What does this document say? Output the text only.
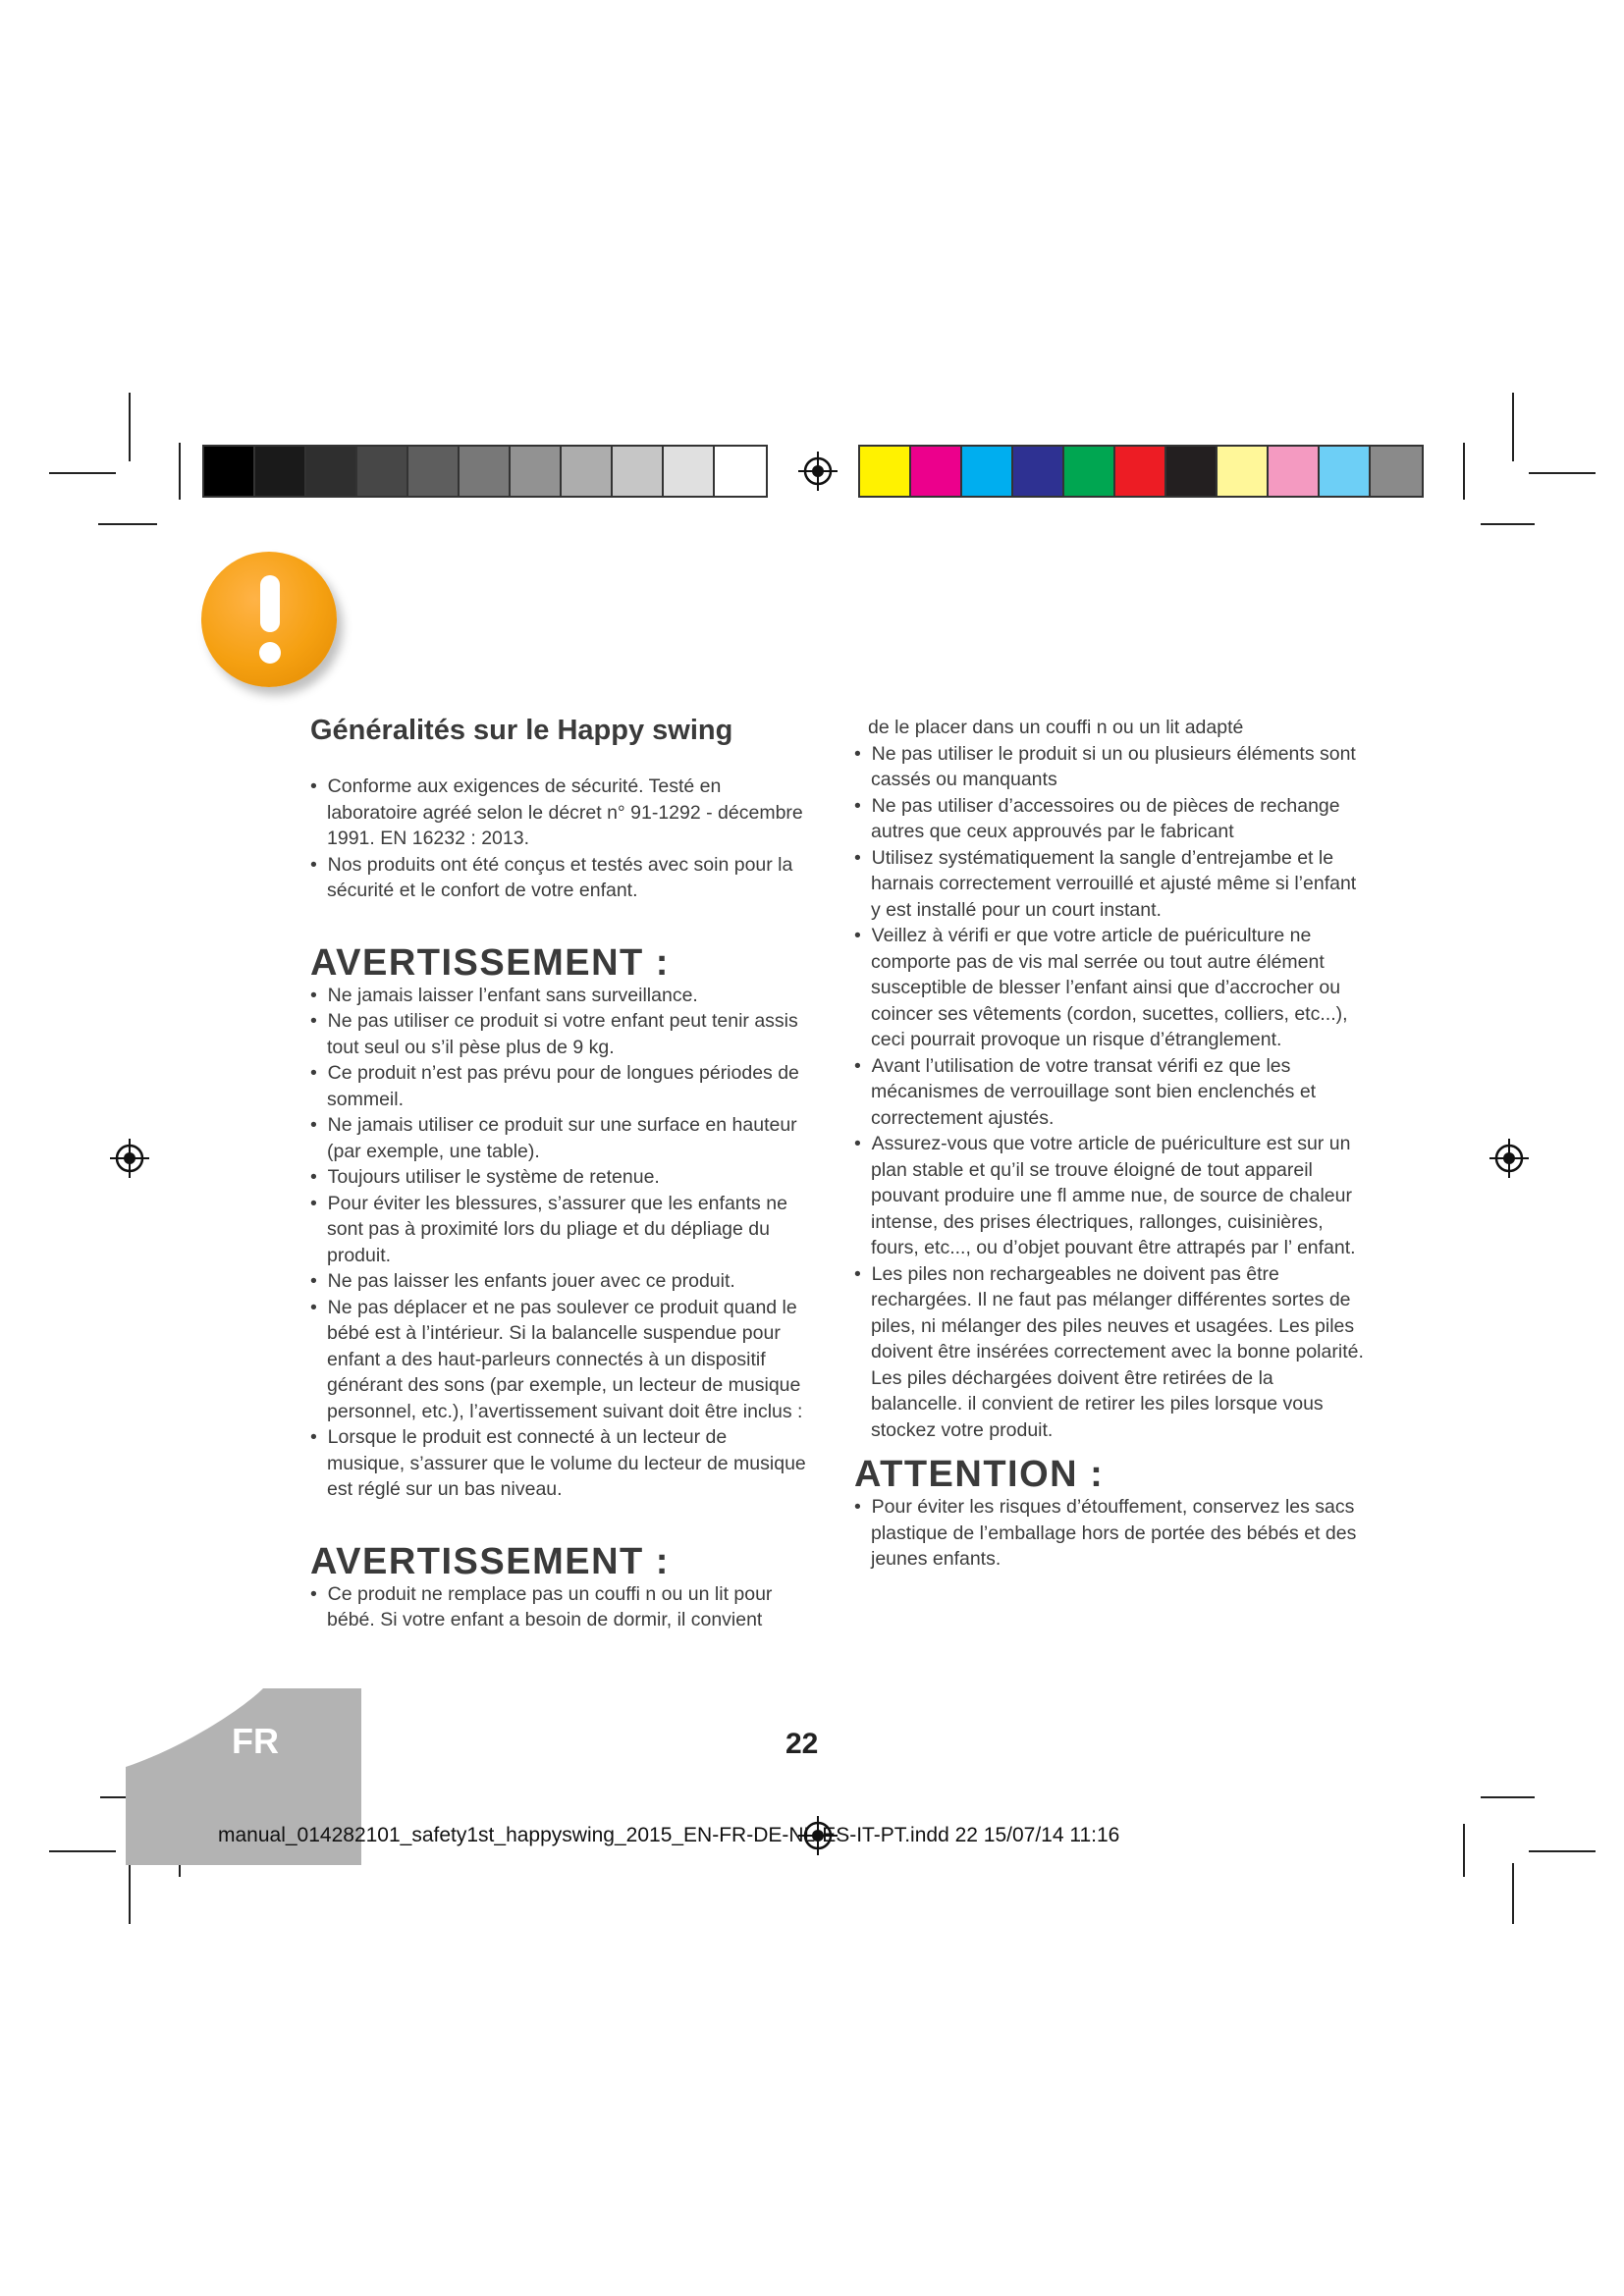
Généralités sur le Happy swing
•  Conforme aux exigences de sécurité. Testé en laboratoire agréé selon le décret n° 91-1292 - décembre 1991. EN 16232 : 2013.
•  Nos produits ont été conçus et testés avec soin pour la sécurité et le confort de votre enfant.
AVERTISSEMENT :
•  Ne jamais laisser l’enfant sans surveillance.
•  Ne pas utiliser ce produit si votre enfant peut tenir assis tout seul ou s’il pèse plus de 9 kg.
•  Ce produit n’est pas prévu pour de longues périodes de sommeil.
•  Ne jamais utiliser ce produit sur une surface en hauteur (par exemple, une table).
•  Toujours utiliser le système de retenue.
•  Pour éviter les blessures, s’assurer que les enfants ne sont pas à proximité lors du pliage et du dépliage du produit.
•  Ne pas laisser les enfants jouer avec ce produit.
•  Ne pas déplacer et ne pas soulever ce produit quand le bébé est à l’intérieur. Si la balancelle suspendue pour enfant a des haut-parleurs connectés à un dispositif générant des sons (par exemple, un lecteur de musique personnel, etc.), l’avertissement suivant doit être inclus :
•  Lorsque le produit est connecté à un lecteur de musique, s’assurer que le volume du lecteur de musique est réglé sur un bas niveau.
AVERTISSEMENT :
•  Ce produit ne remplace pas un couffi n ou un lit pour bébé. Si votre enfant a besoin de dormir, il convient
de le placer dans un couffi n ou un lit adapté
•  Ne pas utiliser le produit si un ou plusieurs éléments sont cassés ou manquants
•  Ne pas utiliser d’accessoires ou de pièces de rechange autres que ceux approuvés par le fabricant
•  Utilisez systématiquement la sangle d’entrejambe et le harnais correctement verrouillé et ajusté même si l’enfant y est installé pour un court instant.
•  Veillez à vérifi er que votre article de puériculture ne comporte pas de vis mal serrée ou tout autre élément susceptible de blesser l’enfant ainsi que d’accrocher ou coincer ses vêtements (cordon, sucettes, colliers, etc...), ceci pourrait provoque un risque d’étranglement.
•  Avant l’utilisation de votre transat vérifi ez que les mécanismes de verrouillage sont bien enclenchés et correctement ajustés.
•  Assurez-vous que votre article de puériculture est sur un plan stable et qu’il se trouve éloigné de tout appareil pouvant produire une fl amme nue, de source de chaleur intense, des prises électriques, rallonges, cuisinières, fours, etc..., ou d’objet pouvant être attrapés par l’ enfant.
•  Les piles non rechargeables ne doivent pas être rechargées. Il ne faut pas mélanger différentes sortes de piles, ni mélanger des piles neuves et usagées. Les piles doivent être insérées correctement avec la bonne polarité. Les piles déchargées doivent être retirées de la balancelle. il convient de retirer les piles lorsque vous stockez votre produit.
ATTENTION :
•  Pour éviter les risques d’étouffement, conservez les sacs plastique de l’emballage hors de portée des bébés et des jeunes enfants.
FR	22
manual_014282101_safety1st_happyswing_2015_EN-FR-DE-NL-ES-IT-PT.indd 22 15/07/14 11:16
